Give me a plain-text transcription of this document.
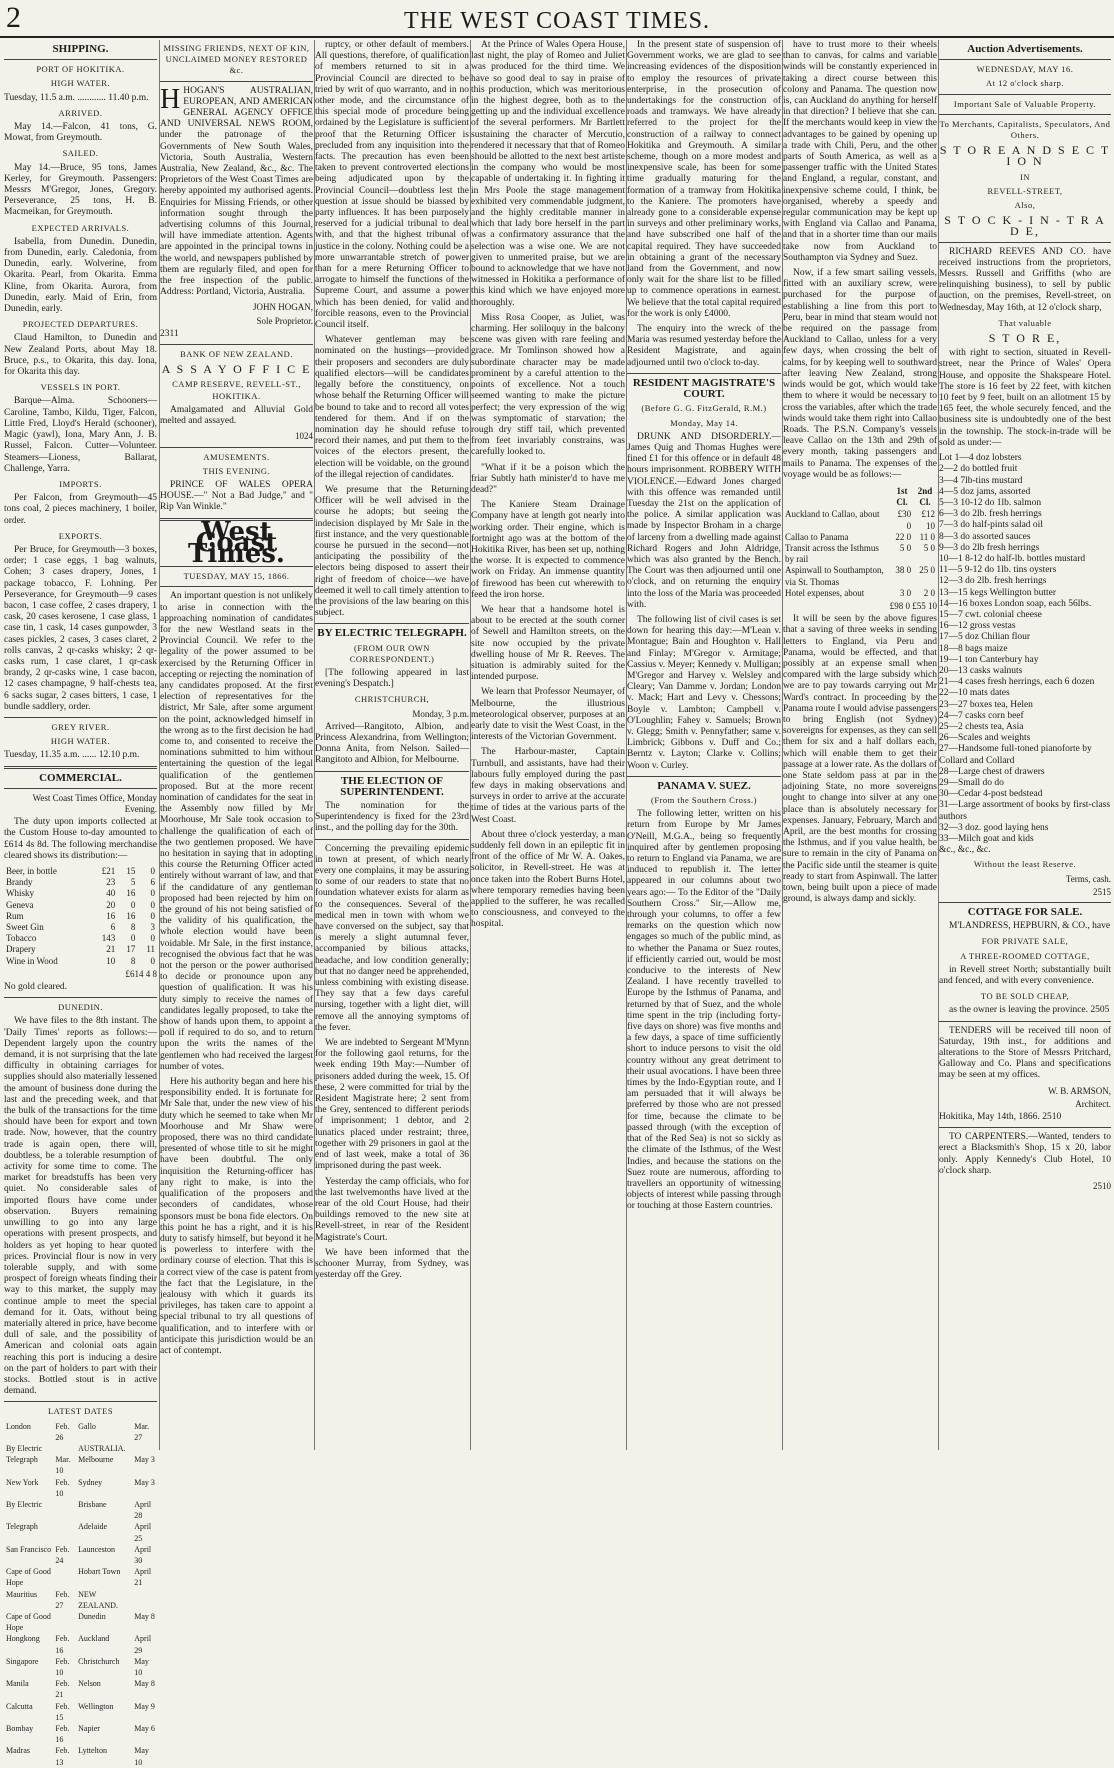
2	THE WEST COAST TIMES.
SHIPPING.
PORT OF HOKITIKA.
HIGH WATER.

Tuesday, 11.5 a.m. ............ 11.40 p.m.

ARRIVED.

May 14.—Falcon, 41 tons, G. Mowat, from Greymouth.

SAILED.

May 14.—Bruce, 95 tons, James Kerley, for Greymouth. Passengers: Messrs M'Gregor, Jones, Gregory. Perseverance, 25 tons, H. B. Macmeikan, for Greymouth.

EXPECTED ARRIVALS.

Isabella, from Dunedin. Dunedin, from Dunedin, early. Caledonia, from Dunedin, early. Wolverine, from Okarita. Pearl, from Okarita. Emma Kline, from Okarita. Aurora, from Dunedin, early. Maid of Erin, from Dunedin, early.

PROJECTED DEPARTURES.

Claud Hamilton, to Dunedin and New Zealand Ports, about May 18. Bruce, p.s., to Okarita, this day. Iona, for Okarita this day.

VESSELS IN PORT.

Barque—Alma. Schooners—Caroline, Tambo, Kildu, Tiger, Falcon, Little Fred, Lloyd's Herald (schooner), Magic (yawl), Iona, Mary Ann, J. B. Russel, Falcon. Cutter—Volunteer. Steamers—Lioness, Ballarat, Challenge, Yarra.

IMPORTS.

Per Falcon, from Greymouth—45 tons coal, 2 pieces machinery, 1 boiler, order.

EXPORTS.

Per Bruce, for Greymouth—3 boxes, order; 1 case eggs, 1 bag walnuts, Cohen; 3 cases drapery, Jones, 1 package tobacco, F. Lohning. Per Perseverance, for Greymouth—9 cases bacon, 1 case coffee, 2 cases drapery, 1 cask, 20 cases kerosene, 1 case glass, 1 case tin, 1 cask, 14 cases gunpowder, 3 cases pickles, 2 cases, 3 cases claret, 2 rolls canvas, 2 qr-casks whisky; 2 qr-casks rum, 1 case claret, 1 qr-cask brandy, 2 qr-casks wine, 1 case bacon, 12 cases champagne, 9 half-chests tea, 6 sacks sugar, 2 cases bitters, 1 case, 1 bundle saddlery, order.

GREY RIVER.
HIGH WATER.

Tuesday, 11.35 a.m. ...... 12.10 p.m.

COMMERCIAL.
West Coast Times Office, Monday Evening.

The duty upon imports collected at the Custom House to-day amounted to £614 4s 8d. The following merchandise cleared shows its distribution:—

Beer, in bottle	£21	15	0
Brandy	23	5	6
Whisky	40	16	0
Geneva	20	0	0
Rum	16	16	0
Sweet Gin	6	8	3
Tobacco	143	0	0
Drapery	21	17	11
Wine in Wood	10	8	0
£614 4 8

No gold cleared.

DUNEDIN.

We have files to the 8th instant. The 'Daily Times' reports as follows:— Dependent largely upon the country demand, it is not surprising that the late difficulty in obtaining carriages for supplies should also materially lessened the amount of business done during the last and the preceding week, and that the bulk of the transactions for the time should have been for export and town trade. Now, however, that the country trade is again open, there will, doubtless, be a tolerable resumption of activity for some time to come. The market for breadstuffs has been very quiet. No considerable sales of imported flours have come under observation. Buyers remaining unwilling to go into any large operations with present prospects, and holders as yet hoping to hear quoted prices. Provincial flour is now in very tolerable supply, and with some prospect of foreign wheats finding their way to this market, the supply may continue ample to meet the special demand for it. Oats, without being materially altered in price, have become dull of sale, and the possibility of American and colonial oats again reaching this port is inducing a desire on the part of holders to part with their stocks. Bottled stout is in active demand.

LATEST DATES
London	Feb. 26	Gallo	Mar. 27
By Electric		AUSTRALIA.	
Telegraph	Mar. 10	Melbourne	May 3
New York	Feb. 10	Sydney	May 3
By Electric		Brisbane	April 28
Telegraph		Adelaide	April 25
San Francisco	Feb. 24	Launceston	April 30
Cape of Good Hope		Hobart Town	April 21
Mauritius	Feb. 27	NEW ZEALAND.	
Cape of Good Hope		Dunedin	May 8
Hongkong	Feb. 16	Auckland	April 29
Singapore	Feb. 10	Christchurch	May 10
Manila	Feb. 21	Nelson	May 8
Calcutta	Feb. 15	Wellington	May 9
Bombay	Feb. 16	Napier	May 6
Madras	Feb. 13	Lyttelton	May 10
MISSING FRIENDS, NEXT OF KIN, UNCLAIMED MONEY RESTORED &c.

HHOGAN'S AUSTRALIAN, EUROPEAN, AND AMERICAN GENERAL AGENCY OFFICE AND UNIVERSAL NEWS ROOM, under the patronage of the Governments of New South Wales, Victoria, South Australia, Western Australia, New Zealand, &c., &c. The Proprietors of the West Coast Times are hereby appointed my authorised agents. Enquiries for Missing Friends, or other information sought through the advertising columns of this Journal, will have immediate attention. Agents are appointed in the principal towns in the world, and newspapers published by them are regularly filed, and open for the free inspection of the public. Address: Portland, Victoria, Australia.

JOHN HOGAN,
Sole Proprietor.

2311

BANK OF NEW ZEALAND.
A S S A Y O F F I C E
CAMP RESERVE, REVELL-ST., HOKITIKA.

Amalgamated and Alluvial Gold melted and assayed.

1024
AMUSEMENTS.
THIS EVENING.

PRINCE OF WALES OPERA HOUSE.—" Not a Bad Judge," and " Rip Van Winkle."

West Coast Times.
TUESDAY, MAY 15, 1866.

An important question is not unlikely to arise in connection with the approaching nomination of candidates for the new Westland seats in the Provincial Council. We refer to the legality of the power assumed to be exercised by the Returning Officer in accepting or rejecting the nomination of any candidates proposed. At the first election of representatives for the district, Mr Sale, after some argument on the point, acknowledged himself in the wrong as to the first decision he had come to, and consented to receive the nominations submitted to him without entertaining the question of the legal qualification of the gentlemen proposed. But at the more recent nomination of candidates for the seat in the Assembly now filled by Mr Moorhouse, Mr Sale took occasion to challenge the qualification of each of the two gentlemen proposed. We have no hesitation in saying that in adopting this course the Returning Officer acted entirely without warrant of law, and that if the candidature of any gentleman proposed had been rejected by him on the ground of his not being satisfied of the validity of his qualification, the whole election would have been voidable. Mr Sale, in the first instance, recognised the obvious fact that he was not the person or the power authorised to decide or pronounce upon any question of qualification. It was his duty simply to receive the names of candidates legally proposed, to take the show of hands upon them, to appoint a poll if required to do so, and to return upon the writs the names of the gentlemen who had received the largest number of votes.

Here his authority began and here his responsibility ended. It is fortunate for Mr Sale that, under the new view of his duty which he seemed to take when Mr Moorhouse and Mr Shaw were proposed, there was no third candidate presented of whose title to sit he might have been doubtful. The only inquisition the Returning-officer has any right to make, is into the qualification of the proposers and seconders of candidates, whose sponsors must be bona fide electors. On this point he has a right, and it is his duty to satisfy himself, but beyond it he is powerless to interfere with the ordinary course of election. That this is a correct view of the case is patent from the fact that the Legislature, in the jealousy with which it guards its privileges, has taken care to appoint a special tribunal to try all questions of qualification, and to interfere with or anticipate this jurisdiction would be an act of contempt.

ruptcy, or other default of members. All questions, therefore, of qualification of members returned to sit in a Provincial Council are directed to be tried by writ of quo warranto, and in no other mode, and the circumstance of this special mode of procedure being ordained by the Legislature is sufficient proof that the Returning Officer is precluded from any inquisition into the facts. The precaution has even been taken to prevent controverted elections being adjudicated upon by the Provincial Council—doubtless lest the question at issue should be biassed by party influences. It has been purposely reserved for a judicial tribunal to deal with, and that the highest tribunal of justice in the colony. Nothing could be a more unwarrantable stretch of power than for a mere Returning Officer to arrogate to himself the functions of the Supreme Court, and assume a power which has been denied, for valid and forcible reasons, even to the Provincial Council itself.

Whatever gentleman may be nominated on the hustings—provided their proposers and seconders are duly qualified electors—will be candidates legally before the constituency, on whose behalf the Returning Officer will be bound to take and to record all votes tendered for them. And if on the nomination day he should refuse to record their names, and put them to the voices of the electors present, the election will be voidable, on the ground of the illegal rejection of candidates.

We presume that the Returning Officer will be well advised in the course he adopts; but seeing the indecision displayed by Mr Sale in the first instance, and the very questionable course he pursued in the second—not anticipating the possibility of the electors being disposed to assert their right of freedom of choice—we have deemed it well to call timely attention to the provisions of the law bearing on this subject.

BY ELECTRIC TELEGRAPH.
(FROM OUR OWN CORRESPONDENT.)

[The following appeared in last evening's Despatch.]

CHRISTCHURCH,
Monday, 3 p.m.

Arrived—Rangitoto, Albion, and Princess Alexandrina, from Wellington; Donna Anita, from Nelson. Sailed—Rangitoto and Albion, for Melbourne.

THE ELECTION OF SUPERINTENDENT.

The nomination for the Superintendency is fixed for the 23rd inst., and the polling day for the 30th.

Concerning the prevailing epidemic in town at present, of which nearly every one complains, it may be assuring to some of our readers to state that no foundation whatever exists for alarm as to the consequences. Several of the medical men in town with whom we have conversed on the subject, say that is merely a slight autumnal fever, accompanied by bilious attacks, headache, and low condition generally; but that no danger need be apprehended, unless combining with existing disease. They say that a few days careful nursing, together with a light diet, will remove all the annoying symptoms of the fever.

We are indebted to Sergeant M'Mynn for the following gaol returns, for the week ending 19th May:—Number of prisoners added during the week, 15. Of these, 2 were committed for trial by the Resident Magistrate here; 2 sent from the Grey, sentenced to different periods of imprisonment; 1 debtor, and 2 lunatics placed under restraint; three, together with 29 prisoners in gaol at the end of last week, make a total of 36 imprisoned during the past week.

Yesterday the camp officials, who for the last twelvemonths have lived at the rear of the old Court House, had their buildings removed to the new site at Revell-street, in rear of the Resident Magistrate's Court.

We have been informed that the schooner Murray, from Sydney, was yesterday off the Grey.

At the Prince of Wales Opera House, last night, the play of Romeo and Juliet was produced for the third time. We have so good deal to say in praise of this production, which was meritorious in the highest degree, both as to the getting up and the individual excellence of the several performers. Mr Bartlett sustaining the character of Mercutio, rendered it necessary that that of Romeo should be allotted to the next best artiste in the company who would be most capable of undertaking it. In fighting it in Mrs Poole the stage management exhibited very commendable judgment, and the highly creditable manner in which that lady bore herself in the part was a confirmatory assurance that the selection was a wise one. We are not given to unmerited praise, but we are bound to acknowledge that we have not witnessed in Hokitika a performance of this kind which we have enjoyed more thoroughly.

Miss Rosa Cooper, as Juliet, was charming. Her soliloquy in the balcony scene was given with rare feeling and grace. Mr Tomlinson showed how a subordinate character may be made prominent by a careful attention to the points of excellence. Not a touch seemed wanting to make the picture perfect; the very expression of the wig was symptomatic of starvation; the rough dry stiff tail, which prevented from feet invariably constrains, was carefully looked to.

"What if it be a poison which the friar Subtly hath minister'd to have me dead?"

The Kaniere Steam Drainage Company have at length got nearly into working order. Their engine, which is fortnight ago was at the bottom of the Hokitika River, has been set up, nothing the worse. It is expected to commence work on Friday. An immense quantity of firewood has been cut wherewith to feed the iron horse.

We hear that a handsome hotel is about to be erected at the south corner of Sewell and Hamilton streets, on the site now occupied by the private dwelling house of Mr R. Reeves. The situation is admirably suited for the intended purpose.

We learn that Professor Neumayer, of Melbourne, the illustrious meteorological observer, purposes at an early date to visit the West Coast, in the interests of the Victorian Government.

The Harbour-master, Captain Turnbull, and assistants, have had their labours fully employed during the past few days in making observations and surveys in order to arrive at the accurate time of tides at the various parts of the West Coast.

About three o'clock yesterday, a man suddenly fell down in an epileptic fit in front of the office of Mr W. A. Oakes, solicitor, in Revell-street. He was at once taken into the Robert Burns Hotel, where temporary remedies having been applied to the sufferer, he was recalled to consciousness, and conveyed to the hospital.

In the present state of suspension of Government works, we are glad to see increasing evidences of the disposition to employ the resources of private enterprise, in the prosecution of undertakings for the construction of roads and tramways. We have already referred to the project for the construction of a railway to connect Hokitika and Greymouth. A similar scheme, though on a more modest and inexpensive scale, has been for some time gradually maturing for the formation of a tramway from Hokitika to the Kaniere. The promoters have already gone to a considerable expense in surveys and other preliminary works, and have subscribed one half of the capital required. They have succeeded in obtaining a grant of the necessary land from the Government, and now only wait for the share list to be filled up to commence operations in earnest. We believe that the total capital required for the work is only £4000.

The enquiry into the wreck of the Maria was resumed yesterday before the Resident Magistrate, and again adjourned until two o'clock to-day.

RESIDENT MAGISTRATE'S COURT.
(Before G. G. FitzGerald, R.M.)
Monday, May 14.

DRUNK AND DISORDERLY.—James Quig and Thomas Hughes were fined £1 for this offence or in default 48 hours imprisonment. ROBBERY WITH VIOLENCE.—Edward Jones charged with this offence was remanded until Tuesday the 21st on the application of the police. A similar application was made by Inspector Broham in a charge of larceny from a dwelling made against Richard Rogers and John Aldridge, which was also granted by the Bench. The Court was then adjourned until one o'clock, and on returning the enquiry into the loss of the Maria was proceeded with.

The following list of civil cases is set down for hearing this day:—M'Lean v. Montague; Bain and Houghton v. Hall and Finlay; M'Gregor v. Armitage; Cassius v. Meyer; Kennedy v. Mulligan; M'Gregor and Harvey v. Welsley and Cleary; Van Damme v. Jordan; London v. Mack; Hart and Levy v. Chessons; Boyle v. Lambton; Campbell v. O'Loughlin; Fahey v. Samuels; Brown v. Glegg; Smith v. Pennyfather; same v. Limbrick; Gibbons v. Duff and Co.; Berntz v. Layton; Clarke v. Collins; Woon v. Curley.

PANAMA V. SUEZ.
(From the Southern Cross.)

The following letter, written on his return from Europe by Mr James O'Neill, M.G.A., being so frequently inquired after by gentlemen proposing to return to England via Panama, we are induced to republish it. The letter appeared in our columns about two years ago:— To the Editor of the "Daily Southern Cross." Sir,—Allow me, through your columns, to offer a few remarks on the question which now engages so much of the public mind, as to whether the Panama or Suez routes, if efficiently carried out, would be most conducive to the interests of New Zealand. I have recently travelled to Europe by the Isthmus of Panama, and returned by that of Suez, and the whole time spent in the trip (including forty-five days on shore) was five months and a few days, a space of time sufficiently short to induce persons to visit the old country without any great detriment to their usual avocations. I have been three times by the Indo-Egyptian route, and I am persuaded that it will always be preferred by those who are not pressed for time, because the climate to be passed through (with the exception of that of the Red Sea) is not so sickly as the climate of the Isthmus, of the West Indies, and because the stations on the Suez route are numerous, affording to travellers an opportunity of witnessing objects of interest while passing through or touching at those Eastern countries.

have to trust more to their wheels than to canvas, for calms and variable winds will be constantly experienced in taking a direct course between this colony and Panama. The question now is, can Auckland do anything for herself in that direction? I believe that she can. If the merchants would keep in view the advantages to be gained by opening up a trade with Chili, Peru, and the other parts of South America, as well as a passenger traffic with the United States and England, a regular, constant, and inexpensive scheme could, I think, be organised, whereby a speedy and regular communication may be kept up with England via Callao and Panama, and that in a shorter time than our mails take now from Auckland to Southampton via Sydney and Suez.

Now, if a few smart sailing vessels, fitted with an auxiliary screw, were purchased for the purpose of establishing a line from this port to Peru, bear in mind that steam would not be required on the passage from Auckland to Callao, unless for a very few days, when crossing the belt of calms, for by keeping well to southward after leaving New Zealand, strong winds would be got, which would take them to where it would be necessary to cross the variables, after which the trade winds would take them right into Callao Roads. The P.S.N. Company's vessels leave Callao on the 13th and 29th of every month, taking passengers and mails to Panama. The expenses of the voyage would be as follows:—

	1st Cl.	2nd Cl.
Auckland to Callao, about	£30 0	£12 10
Callao to Panama	22 0	11 0
Transit across the Isthmus by rail	5 0	5 0
Aspinwall to Southampton, via St. Thomas	38 0	25 0
Hotel expenses, about	3 0	2 0
£98 0 £55 10

It will be seen by the above figures that a saving of three weeks in sending letters to England, via Peru and Panama, would be effected, and that possibly at an expense small when compared with the large subsidy which we are to pay towards carrying out Mr Ward's contract. In proceeding by the Panama route I would advise passengers to bring English (not Sydney) sovereigns for expenses, as they can sell them for six and a half dollars each, which will enable them to get their passage at a lower rate. As the dollars of one State seldom pass at par in the adjoining State, no more sovereigns ought to change into silver at any one place than is absolutely necessary for expenses. January, February, March and April, are the best months for crossing the Isthmus, and if you value health, be sure to remain in the city of Panama on the Pacific side until the steamer is quite ready to start from Aspinwall. The latter town, being built upon a piece of made ground, is always damp and sickly.

Auction Advertisements.
WEDNESDAY, MAY 16.
At 12 o'clock sharp.
Important Sale of Valuable Property.
To Merchants, Capitalists, Speculators, And Others.
S T O R E A N D S E C T I O N
IN
REVELL-STREET,
Also,
S T O C K - I N - T R A D E,

RICHARD REEVES AND CO. have received instructions from the proprietors, Messrs. Russell and Griffiths (who are relinquishing business), to sell by public auction, on the premises, Revell-street, on Wednesday, May 16th, at 12 o'clock sharp,

That valuable
S T O R E,

with right to section, situated in Revell-street, near the Prince of Wales' Opera House, and opposite the Shakspeare Hotel. The store is 16 feet by 22 feet, with kitchen 10 feet by 9 feet, built on an allotment 15 by 165 feet, the whole securely fenced, and the business site is undoubtedly one of the best in the township. The stock-in-trade will be sold as under:—

Lot 1—4 doz lobsters
2—2 do bottled fruit
3—4 7lb-tins mustard
4—5 doz jams, assorted
5—3 10-12 do 1lb. salmon
6—3 do 2lb. fresh herrings
7—3 do half-pints salad oil
8—3 do assorted sauces
9—3 do 2lb fresh herrings
10—1 8-12 do half-lb. bottles mustard
11—5 9-12 do 1lb. tins oysters
12—3 do 2lb. fresh herrings
13—15 kegs Wellington butter
14—16 boxes London soap, each 56lbs.
15—7 cwt. colonial cheese
16—12 gross vestas
17—5 doz Chilian flour
18—8 bags maize
19—1 ton Canterbury hay
20—13 casks walnuts
21—4 cases fresh herrings, each 6 dozen
22—10 mats dates
23—27 boxes tea, Helen
24—7 casks corn beef
25—2 chests tea, Asia
26—Scales and weights
27—Handsome full-toned pianoforte by Collard and Collard
28—Large chest of drawers
29—Small do do
30—Cedar 4-post bedstead
31—Large assortment of books by first-class authors
32—3 doz. good laying hens
33—Milch goat and kids
&c., &c., &c.
Without the least Reserve.
Terms, cash.
2515
COTTAGE FOR SALE.

M'LANDRESS, HEPBURN, & CO., have

FOR PRIVATE SALE,
A THREE-ROOMED COTTAGE,

in Revell street North; substantially built and fenced, and with every convenience.

TO BE SOLD CHEAP,

as the owner is leaving the province. 2505

TENDERS will be received till noon of Saturday, 19th inst., for additions and alterations to the Store of Messrs Pritchard, Galloway and Co. Plans and specifications may be seen at my offices.

W. B. ARMSON,
Architect.

Hokitika, May 14th, 1866. 2510

TO CARPENTERS.—Wanted, tenders to erect a Blacksmith's Shop, 15 x 20, labor only. Apply Kennedy's Club Hotel, 10 o'clock sharp.

2510
